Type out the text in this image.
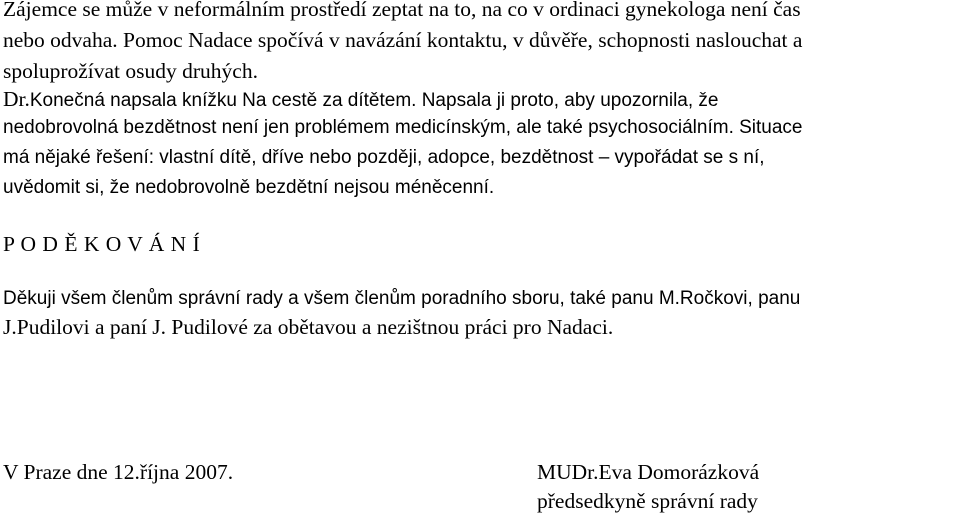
Zájemce se může v neformálním prostředí zeptat na to, na co v ordinaci gynekologa není čas
nebo odvaha. Pomoc Nadace spočívá v navázání kontaktu, v důvěře, schopnosti naslouchat a
spoluprožívat osudy druhých.
Dr.Konečná napsala knížku Na cestě za dítětem. Napsala ji proto, aby upozornila, že
nedobrovolná bezdětnost není jen problémem medicínským, ale také psychosociálním. Situace
má nějaké řešení: vlastní dítě, dříve nebo později, adopce, bezdětnost – vypořádat se s ní,
uvědomit si, že nedobrovolně bezdětní nejsou méněcenní.
P O D Ě K O V Á N Í
Děkuji všem členům správní rady a všem členům poradního sboru, také panu M.Ročkovi, panu
J.Pudilovi a paní J. Pudilové za obětavou a nezištnou práci pro Nadaci.
V Praze dne 12.října 2007.	MUDr.Eva Domorázková
předsedkyně správní rady
